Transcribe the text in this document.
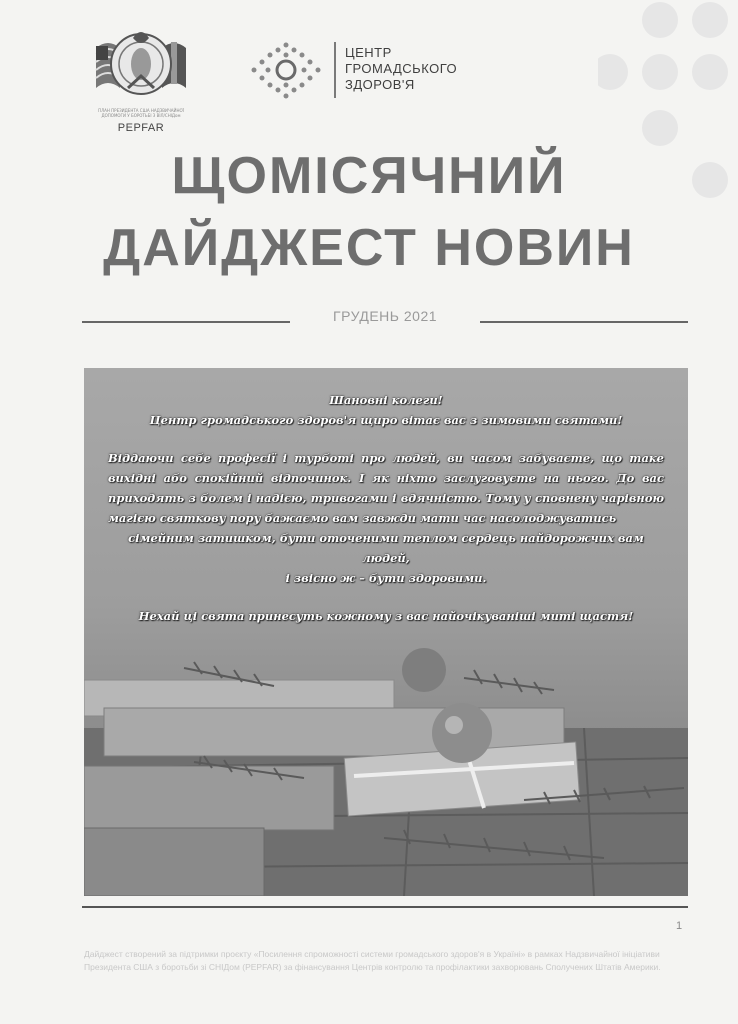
ПЛАН ПРЕЗИДЕНТА США НАДЗВИЧАЙНОЇ ДОПОМОГИ У БОРОТЬБІ З ВІЛ/СНІДом
PEPFAR
ЦЕНТР
ГРОМАДСЬКОГО
ЗДОРОВ'Я
ЩОМІСЯЧНИЙ
ДАЙДЖЕСТ НОВИН
ГРУДЕНЬ 2021

Шановні колеги!

Центр громадського здоров'я щиро вітає вас з зимовими святами!

Віддаючи себе професії і турботі про людей, ви часом забуваєте, що таке вихідні або спокійний відпочинок. І як ніхто заслуговуєте на нього. До вас приходять з болем і надією, тривогами і вдячністю. Тому у сповнену чарівною магією святкову пору бажаємо вам завжди мати час насолоджуватись

сімейним затишком, бути оточеними теплом сердець найдорожчих вам людей,

і звісно ж – бути здоровими.

Нехай ці свята принесуть кожному з вас найочікуваніші миті щастя!

1

Дайджест створений за підтримки проєкту «Посилення спроможності системи громадського здоров'я в Україні» в рамках Надзвичайної ініціативи

Президента США з боротьби зі СНІДом (PEPFAR) за фінансування Центрів контролю та профілактики захворювань Сполучених Штатів Америки.
